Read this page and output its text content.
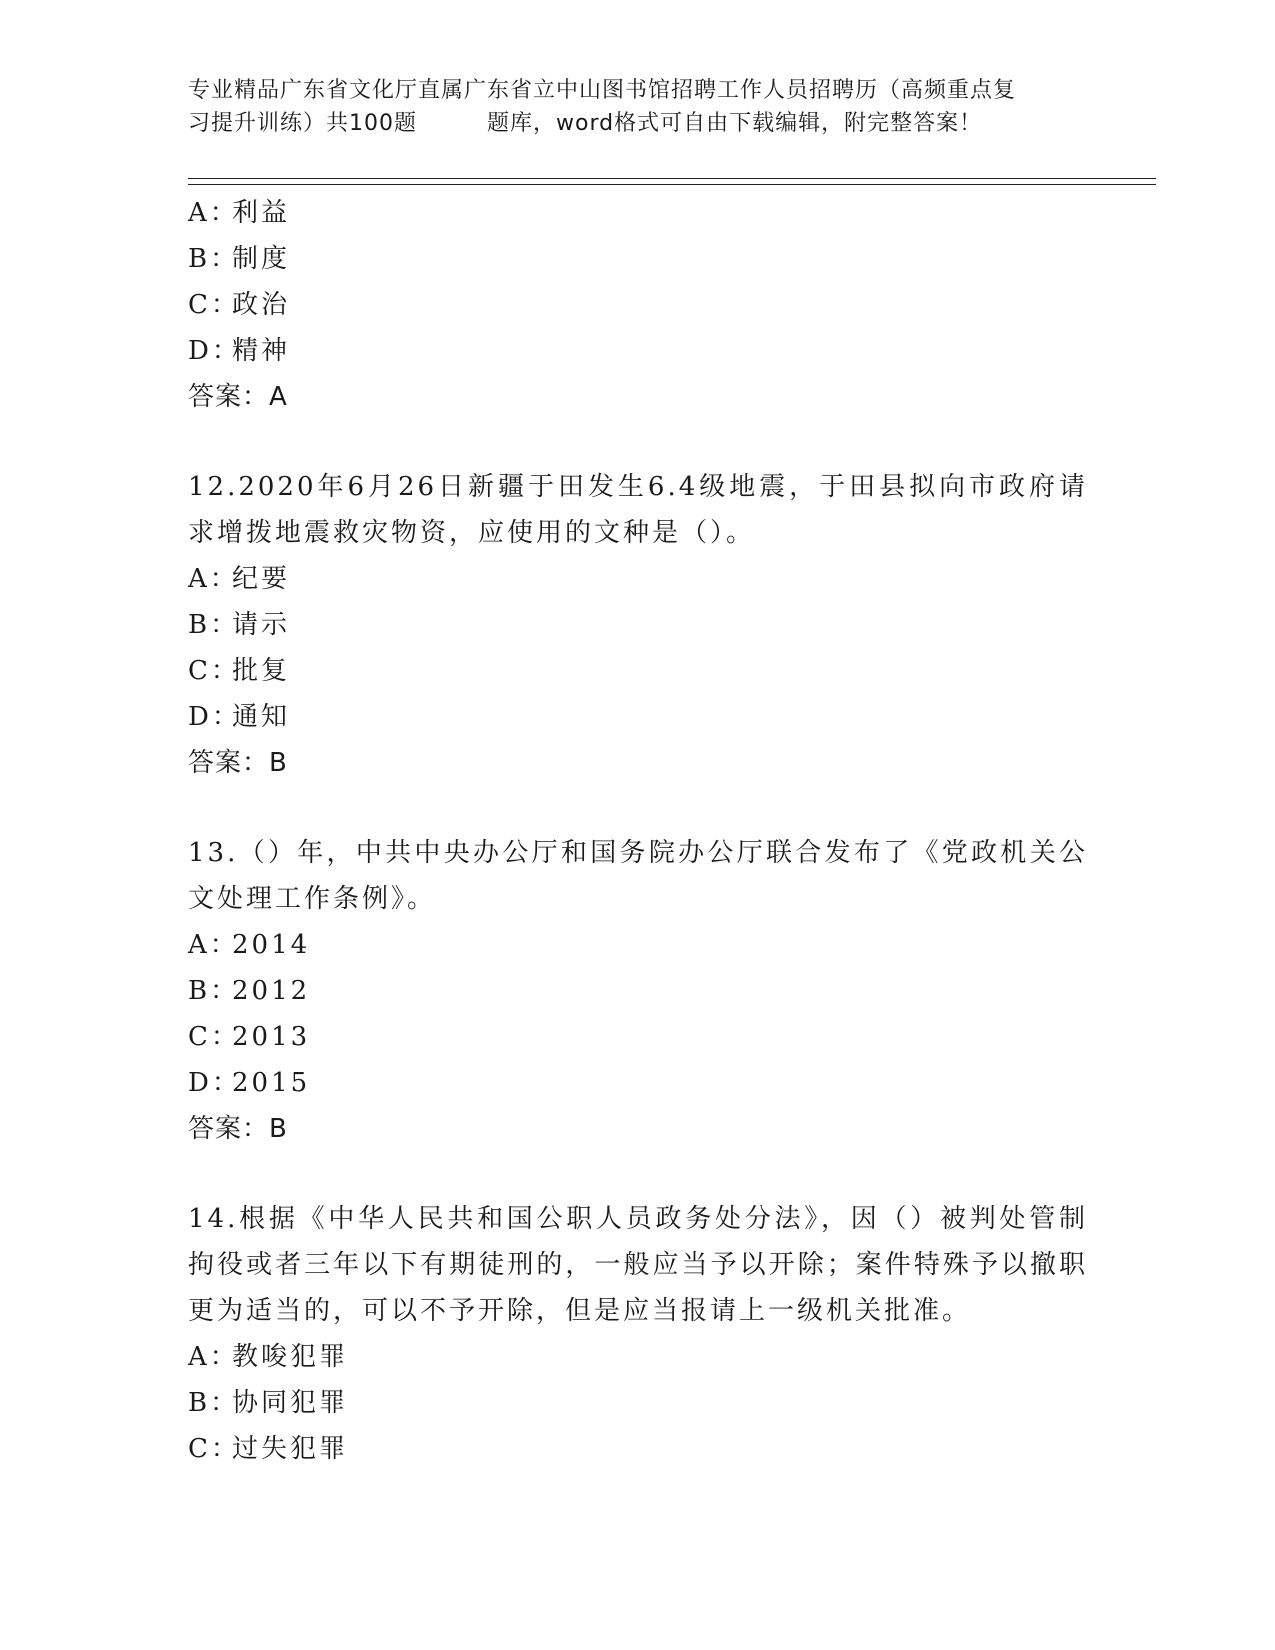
专业精品广东省文化厅直属广东省立中山图书馆招聘工作人员招聘历（高频重点复
习提升训练）共100题	题库，word格式可自由下载编辑，附完整答案！
A：利益
B：制度
C：政治
D：精神
答案：A
12.2020年6月26日新疆于田发生6.4级地震，于田县拟向市政府请求增拨地震救灾物资，应使用的文种是（）。
A：纪要
B：请示
C：批复
D：通知
答案：B
13.（）年，中共中央办公厅和国务院办公厅联合发布了《党政机关公文处理工作条例》。
A：2014
B：2012
C：2013
D：2015
答案：B
14.根据《中华人民共和国公职人员政务处分法》，因（）被判处管制拘役或者三年以下有期徒刑的，一般应当予以开除；案件特殊予以撤职更为适当的，可以不予开除，但是应当报请上一级机关批准。
A：教唆犯罪
B：协同犯罪
C：过失犯罪
